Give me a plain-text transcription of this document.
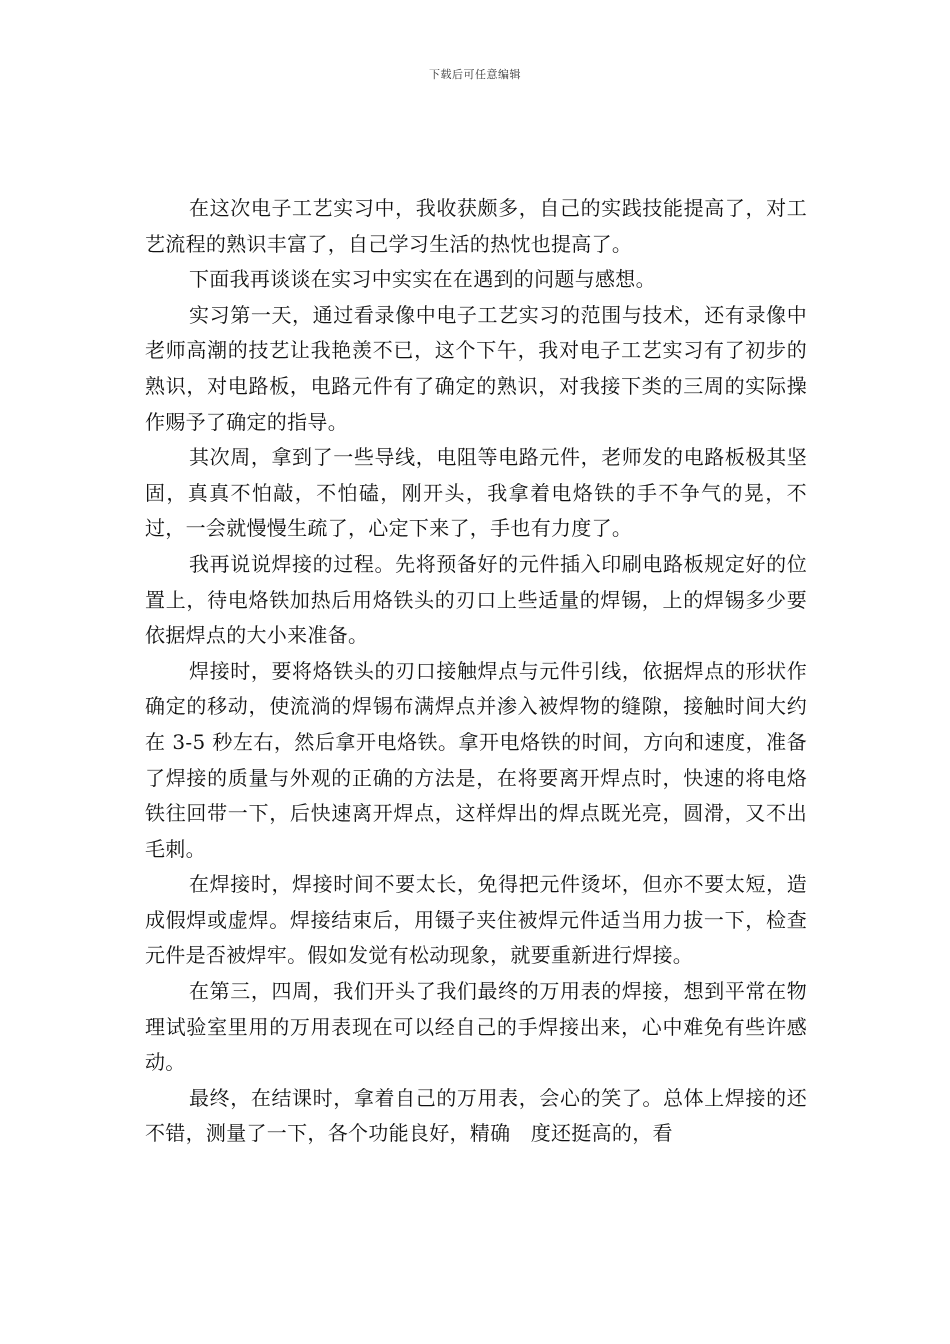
下载后可任意编辑

在这次电子工艺实习中，我收获颇多，自己的实践技能提高了，对工艺流程的熟识丰富了，自己学习生活的热忱也提高了。

下面我再谈谈在实习中实实在在遇到的问题与感想。

实习第一天，通过看录像中电子工艺实习的范围与技术，还有录像中老师高潮的技艺让我艳羡不已，这个下午，我对电子工艺实习有了初步的熟识，对电路板，电路元件有了确定的熟识，对我接下类的三周的实际操作赐予了确定的指导。

其次周，拿到了一些导线，电阻等电路元件，老师发的电路板极其坚固，真真不怕敲，不怕磕，刚开头，我拿着电烙铁的手不争气的晃，不过，一会就慢慢生疏了，心定下来了，手也有力度了。

我再说说焊接的过程。先将预备好的元件插入印刷电路板规定好的位置上，待电烙铁加热后用烙铁头的刃口上些适量的焊锡，上的焊锡多少要依据焊点的大小来准备。

焊接时，要将烙铁头的刃口接触焊点与元件引线，依据焊点的形状作确定的移动，使流淌的焊锡布满焊点并渗入被焊物的缝隙，接触时间大约在 3-5 秒左右，然后拿开电烙铁。拿开电烙铁的时间，方向和速度，准备了焊接的质量与外观的正确的方法是，在将要离开焊点时，快速的将电烙铁往回带一下，后快速离开焊点，这样焊出的焊点既光亮，圆滑，又不出毛刺。

在焊接时，焊接时间不要太长，免得把元件烫坏，但亦不要太短，造成假焊或虚焊。焊接结束后，用镊子夹住被焊元件适当用力拔一下，检查元件是否被焊牢。假如发觉有松动现象，就要重新进行焊接。

在第三，四周，我们开头了我们最终的万用表的焊接，想到平常在物理试验室里用的万用表现在可以经自己的手焊接出来，心中难免有些许感动。

最终，在结课时，拿着自己的万用表，会心的笑了。总体上焊接的还不错，测量了一下，各个功能良好，精确　度还挺高的，看
